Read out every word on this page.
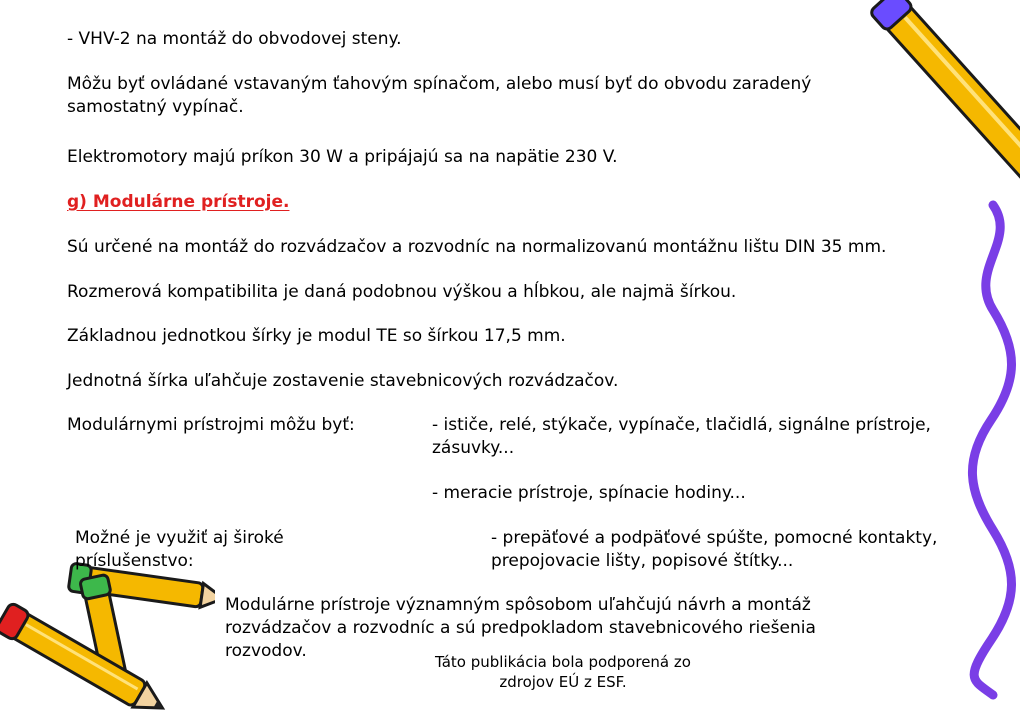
- VHV-2 na montáž do obvodovej steny.
Môžu byť ovládané vstavaným ťahovým spínačom, alebo musí byť do obvodu zaradený samostatný vypínač.
Elektromotory majú príkon 30 W a pripájajú sa na napätie 230 V.
g) Modulárne prístroje.
Sú určené na montáž do rozvádzačov a rozvodníc na normalizovanú montážnu lištu DIN 35 mm.
Rozmerová kompatibilita je daná podobnou výškou a hĺbkou, ale najmä šírkou.
Základnou jednotkou šírky je modul TE so šírkou 17,5 mm.
Jednotná šírka uľahčuje zostavenie stavebnicových rozvádzačov.
Modulárnymi prístrojmi môžu byť:	- ističe, relé, stýkače, vypínače, tlačidlá, signálne prístroje, zásuvky...
- meracie prístroje, spínacie hodiny...
Možné je využiť aj široké príslušenstvo:
- prepäťové a podpäťové spúšte, pomocné kontakty, prepojovacie lišty, popisové štítky...
Modulárne prístroje významným spôsobom uľahčujú návrh a montáž rozvádzačov a rozvodníc a sú predpokladom stavebnicového riešenia rozvodov.
Táto publikácia bola podporená zo zdrojov EÚ z ESF.
